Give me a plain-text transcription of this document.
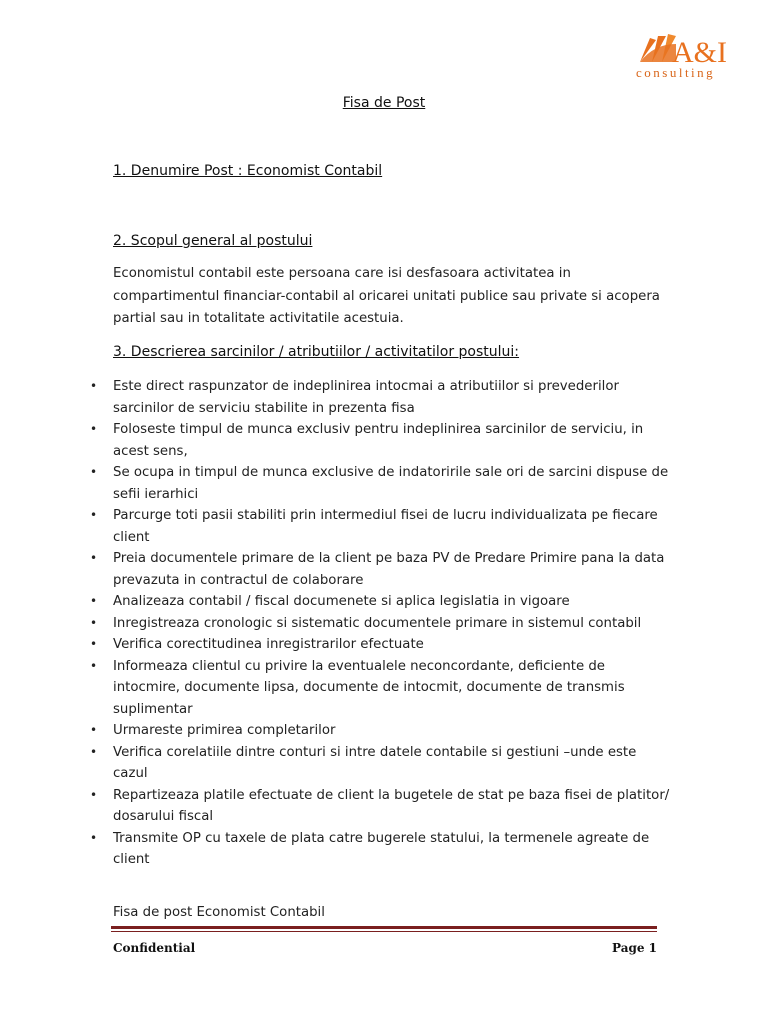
A&I
consulting
Fisa de Post
1. Denumire Post : Economist Contabil
2. Scopul general al postului
Economistul contabil este persoana care isi desfasoara activitatea in compartimentul financiar-contabil al oricarei unitati publice sau private si acopera partial sau in totalitate activitatile acestuia.
3. Descrierea sarcinilor / atributiilor / activitatilor postului:
• Este direct raspunzator de indeplinirea intocmai a atributiilor si prevederilor sarcinilor de serviciu stabilite in prezenta fisa
• Foloseste timpul de munca exclusiv pentru indeplinirea sarcinilor de serviciu, in acest sens,
• Se ocupa in timpul de munca exclusive de indatoririle sale ori de sarcini dispuse de sefii ierarhici
• Parcurge toti pasii stabiliti prin intermediul fisei de lucru individualizata pe fiecare client
• Preia documentele primare de la client pe baza PV de Predare Primire pana la data prevazuta in contractul de colaborare
• Analizeaza contabil / fiscal documenete si aplica legislatia in vigoare
• Inregistreaza cronologic si sistematic documentele primare in sistemul contabil
• Verifica corectitudinea inregistrarilor efectuate
• Informeaza clientul cu privire la eventualele neconcordante, deficiente de intocmire, documente lipsa, documente de intocmit, documente de transmis suplimentar
• Urmareste primirea completarilor
• Verifica corelatiile dintre conturi si intre datele contabile si gestiuni –unde este cazul
• Repartizeaza platile efectuate de client la bugetele de stat pe baza fisei de platitor/ dosarului fiscal
• Transmite OP cu taxele de plata catre bugerele statului, la termenele agreate de client
Fisa de post Economist Contabil
Confidential	Page 1
